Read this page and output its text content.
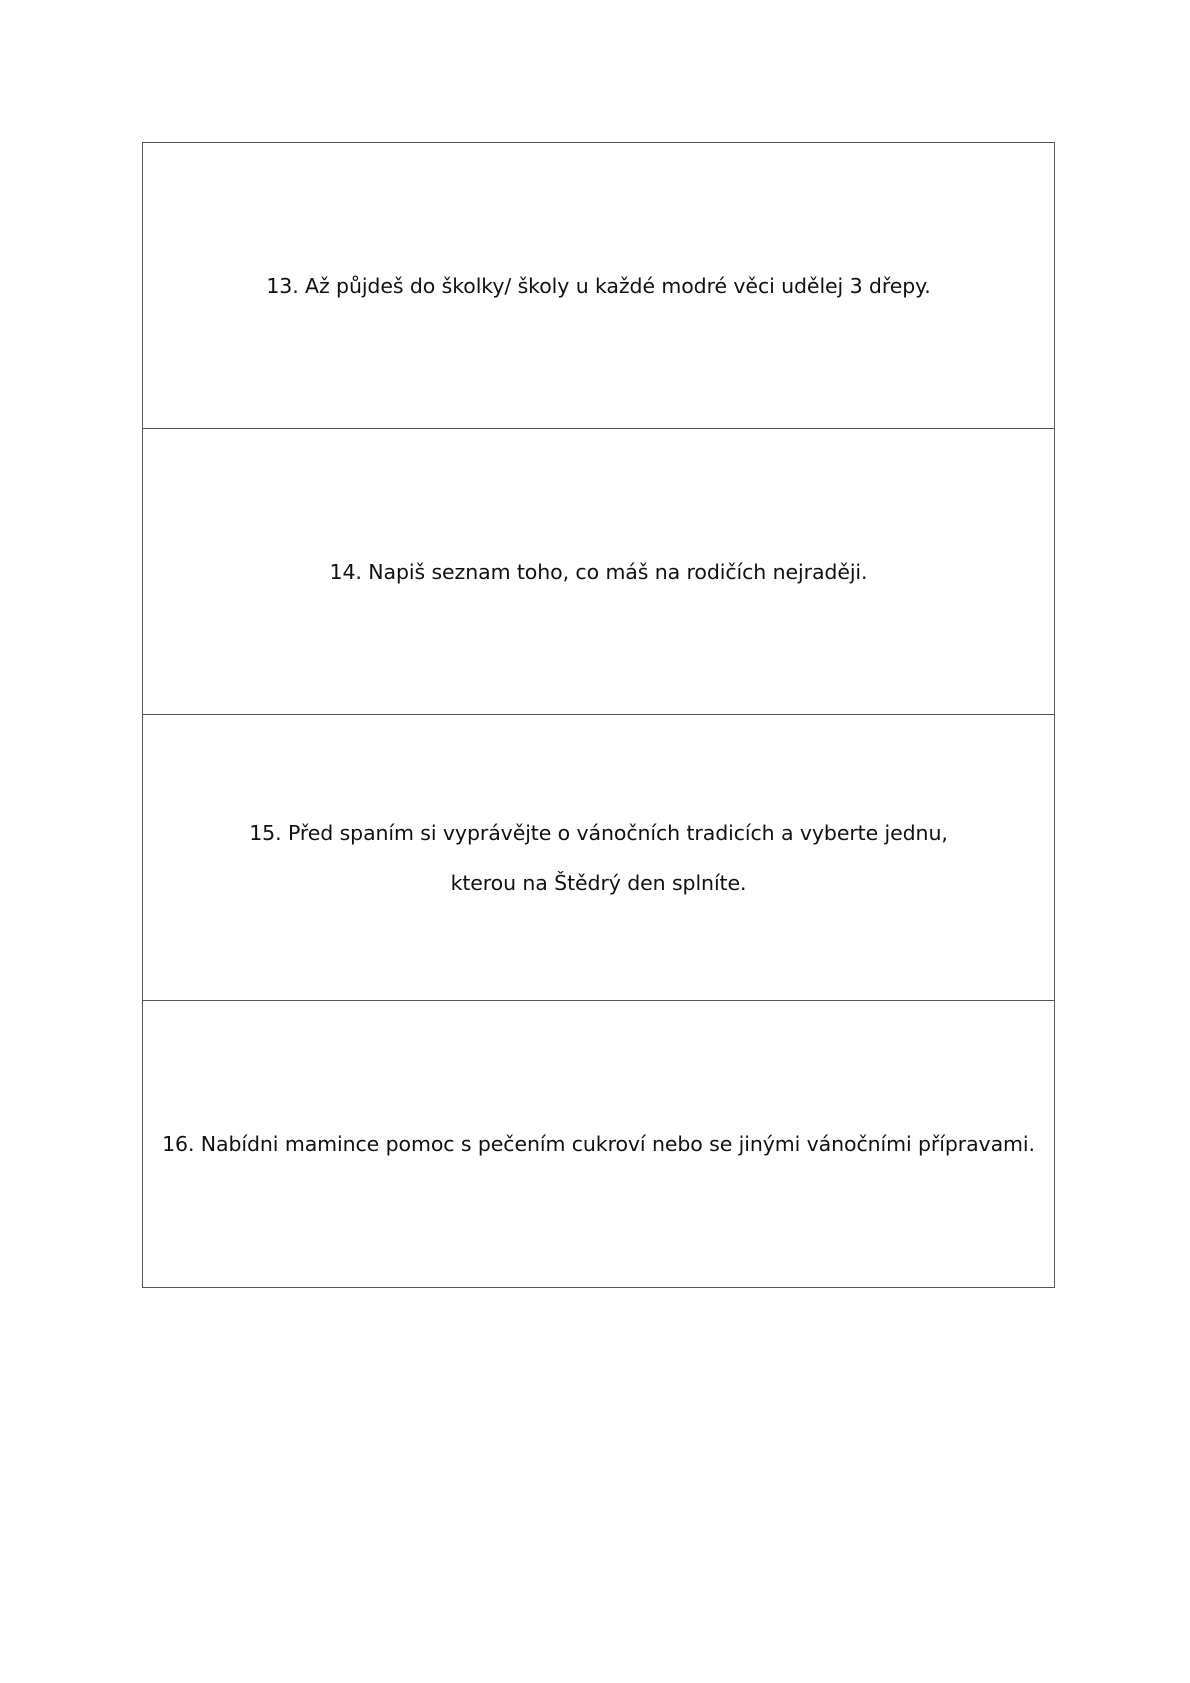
13. Až půjdeš do školky/ školy u každé modré věci udělej 3 dřepy.
14. Napiš seznam toho, co máš na rodičích nejraději.
15. Před spaním si vyprávějte o vánočních tradicích a vyberte jednu,
kterou na Štědrý den splníte.
16. Nabídni mamince pomoc s pečením cukroví nebo se jinými vánočními přípravami.
